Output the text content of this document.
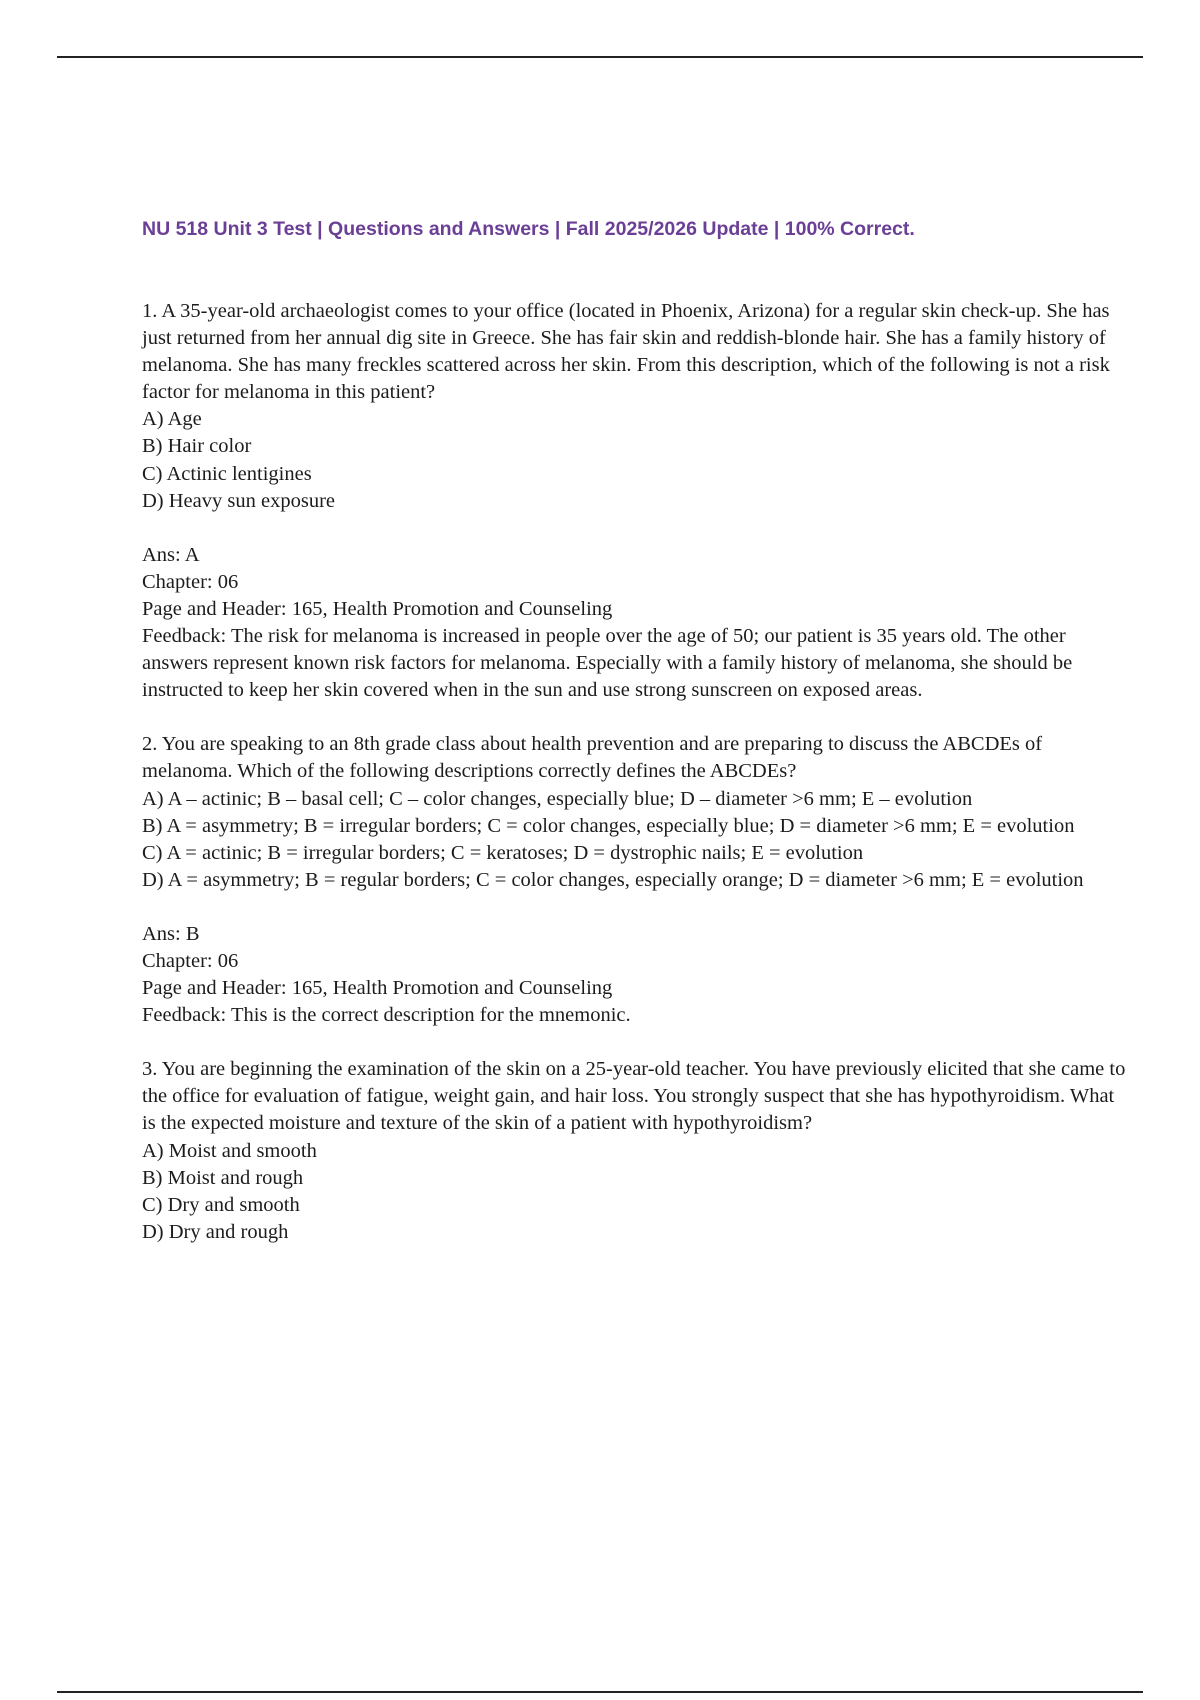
NU 518 Unit 3 Test | Questions and Answers | Fall 2025/2026 Update | 100% Correct.

1. A 35-year-old archaeologist comes to your office (located in Phoenix, Arizona) for a regular skin check-up. She has just returned from her annual dig site in Greece. She has fair skin and reddish-blonde hair. She has a family history of melanoma. She has many freckles scattered across her skin. From this description, which of the following is not a risk factor for melanoma in this patient?

A) Age
B) Hair color
C) Actinic lentigines
D) Heavy sun exposure

Ans: A

Chapter: 06

Page and Header: 165, Health Promotion and Counseling

Feedback: The risk for melanoma is increased in people over the age of 50; our patient is 35 years old. The other answers represent known risk factors for melanoma. Especially with a family history of melanoma, she should be instructed to keep her skin covered when in the sun and use strong sunscreen on exposed areas.

2. You are speaking to an 8th grade class about health prevention and are preparing to discuss the ABCDEs of melanoma. Which of the following descriptions correctly defines the ABCDEs?

A) A – actinic; B – basal cell; C – color changes, especially blue; D – diameter >6 mm; E – evolution
B) A = asymmetry; B = irregular borders; C = color changes, especially blue; D = diameter >6 mm; E = evolution
C) A = actinic; B = irregular borders; C = keratoses; D = dystrophic nails; E = evolution
D) A = asymmetry; B = regular borders; C = color changes, especially orange; D = diameter >6 mm; E = evolution

Ans: B

Chapter: 06

Page and Header: 165, Health Promotion and Counseling

Feedback: This is the correct description for the mnemonic.

3. You are beginning the examination of the skin on a 25-year-old teacher. You have previously elicited that she came to the office for evaluation of fatigue, weight gain, and hair loss. You strongly suspect that she has hypothyroidism. What is the expected moisture and texture of the skin of a patient with hypothyroidism?

A) Moist and smooth
B) Moist and rough
C) Dry and smooth
D) Dry and rough
